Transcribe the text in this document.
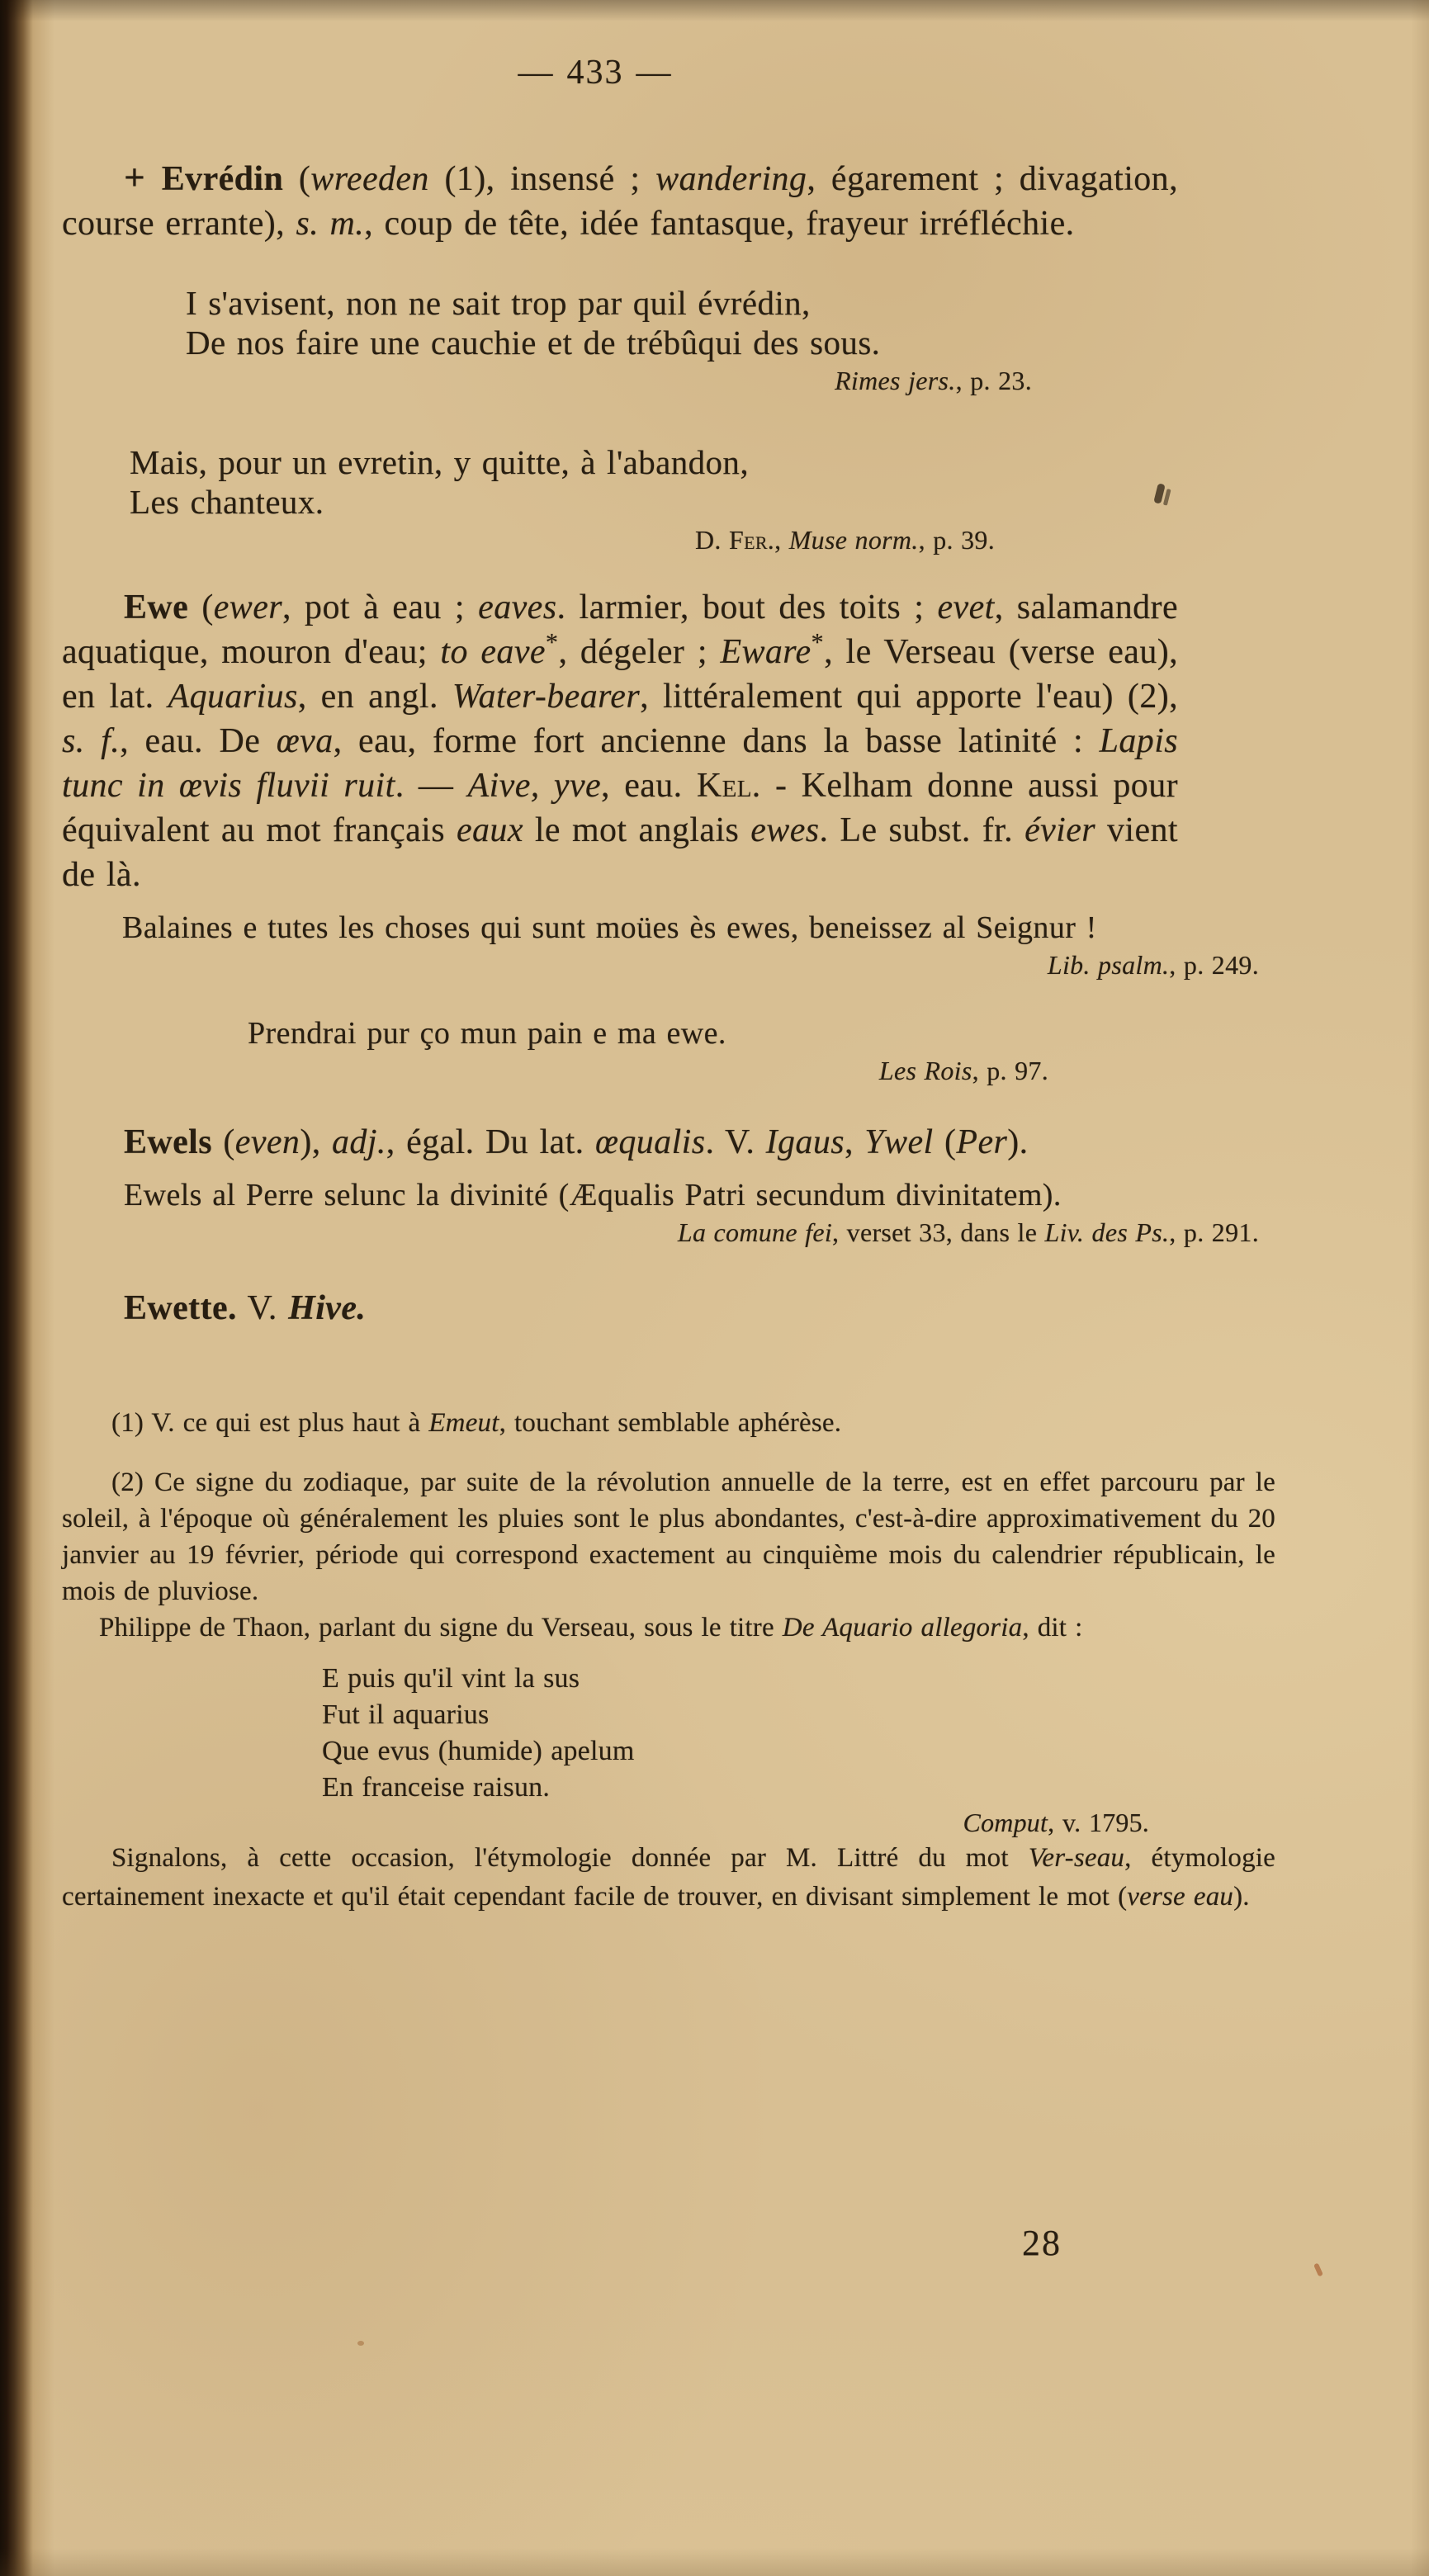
— 433 —

+ Evrédin (wreeden (1), insensé ; wandering, égarement ; divagation, course errante), s. m., coup de tête, idée fantasque, frayeur irréfléchie.

I s'avisent, non ne sait trop par quil évrédin,
De nos faire une cauchie et de trébûqui des sous.
Rimes jers., p. 23.
Mais, pour un evretin, y quitte, à l'abandon,
Les chanteux.
D. Fer., Muse norm., p. 39.

Ewe (ewer, pot à eau ; eaves. larmier, bout des toits ; evet, salamandre aquatique, mouron d'eau; to eave*, dégeler ; Eware*, le Verseau (verse eau), en lat. Aquarius, en angl. Water-bearer, littéralement qui apporte l'eau) (2), s. f., eau. De œva, eau, forme fort ancienne dans la basse latinité : Lapis tunc in œvis fluvii ruit. — Aive, yve, eau. Kel. - Kelham donne aussi pour équivalent au mot français eaux le mot anglais ewes. Le subst. fr. évier vient de là.

Balaines e tutes les choses qui sunt moües ès ewes, beneissez al Seignur !

Lib. psalm., p. 249.
Prendrai pur ço mun pain e ma ewe.
Les Rois, p. 97.

Ewels (even), adj., égal. Du lat. œqualis. V. Igaus, Ywel (Per).

Ewels al Perre selunc la divinité (Æqualis Patri secundum divinitatem).

La comune fei, verset 33, dans le Liv. des Ps., p. 291.

Ewette. V. Hive.

(1) V. ce qui est plus haut à Emeut, touchant semblable aphérèse.

(2) Ce signe du zodiaque, par suite de la révolution annuelle de la terre, est en effet parcouru par le soleil, à l'époque où généralement les pluies sont le plus abondantes, c'est-à-dire approximativement du 20 janvier au 19 février, période qui correspond exactement au cinquième mois du calendrier républicain, le mois de pluviose.

Philippe de Thaon, parlant du signe du Verseau, sous le titre De Aquario allegoria, dit :

E puis qu'il vint la sus
Fut il aquarius
Que evus (humide) apelum
En franceise raisun.
Comput, v. 1795.

Signalons, à cette occasion, l'étymologie donnée par M. Littré du mot Ver-seau, étymologie certainement inexacte et qu'il était cependant facile de trouver, en divisant simplement le mot (verse eau).

28
